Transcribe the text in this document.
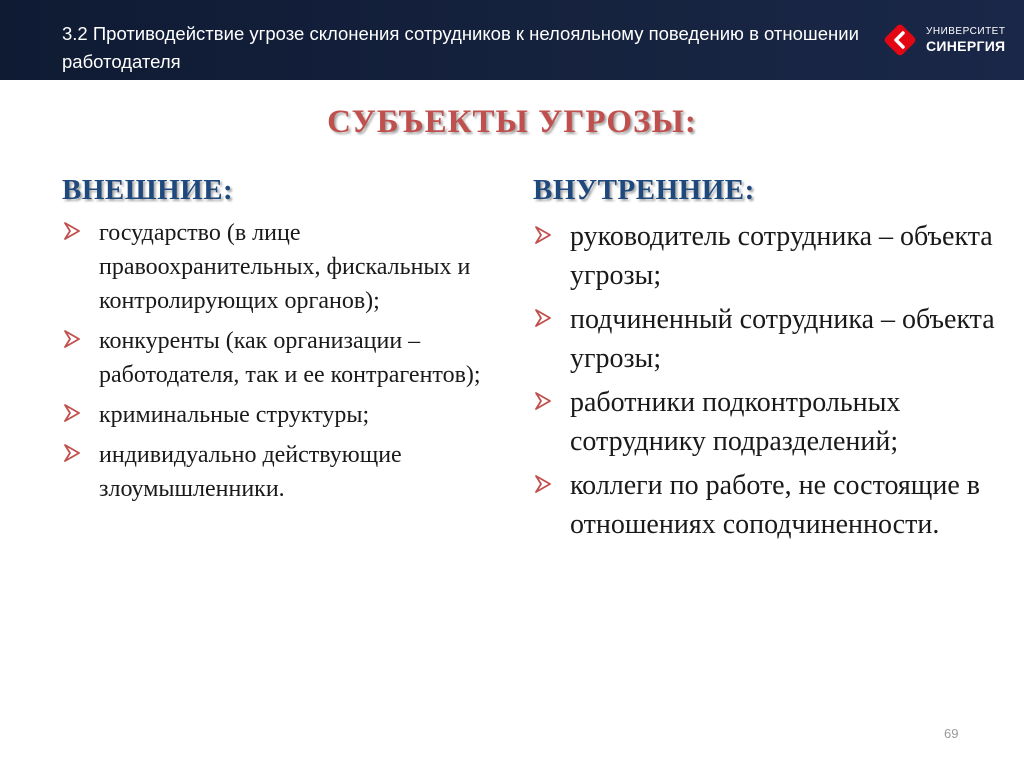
3.2 Противодействие угрозе склонения сотрудников к нелояльному поведению в отношении работодателя
УНИВЕРСИТЕТ
СИНЕРГИЯ
СУБЪЕКТЫ УГРОЗЫ:
ВНЕШНИЕ:
государство (в лице правоохранительных, фискальных и контролирующих органов);
конкуренты (как организации – работодателя, так и ее контрагентов);
криминальные структуры;
индивидуально действующие злоумышленники.
ВНУТРЕННИЕ:
руководитель сотрудника – объекта угрозы;
подчиненный сотрудника – объекта угрозы;
работники подконтрольных сотруднику подразделений;
коллеги по работе, не состоящие в отношениях соподчиненности.
69
